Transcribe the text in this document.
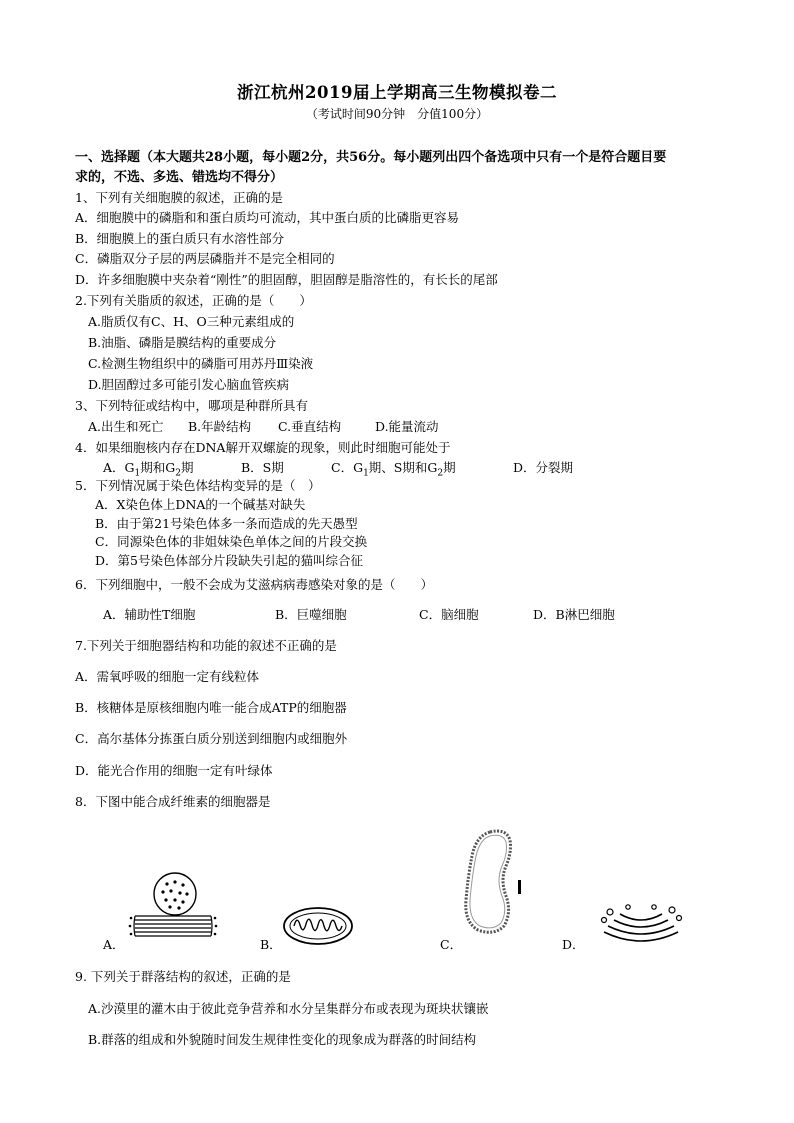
浙江杭州2019届上学期高三生物模拟卷二
（考试时间90分钟　分值100分）
一、选择题（本大题共28小题，每小题2分，共56分。每小题列出四个备选项中只有一个是符合题目要
求的，不选、多选、错选均不得分）
1、下列有关细胞膜的叙述，正确的是
A．细胞膜中的磷脂和和蛋白质均可流动，其中蛋白质的比磷脂更容易
B．细胞膜上的蛋白质只有水溶性部分
C．磷脂双分子层的两层磷脂并不是完全相同的
D．许多细胞膜中夹杂着“刚性”的胆固醇，胆固醇是脂溶性的，有长长的尾部
2.下列有关脂质的叙述，正确的是（　　）
A.脂质仅有C、H、O三种元素组成的
B.油脂、磷脂是膜结构的重要成分
C.检测生物组织中的磷脂可用苏丹Ⅲ染液
D.胆固醇过多可能引发心脑血管疾病
3、下列特征或结构中，哪项是种群所具有
A.出生和死亡 B.年龄结构 C.垂直结构	D.能量流动
4．如果细胞核内存在DNA解开双螺旋的现象，则此时细胞可能处于
A．$G_1$期和$G_2$期	B．S期	C．$G_1$期、S期和$G_2$期	D．分裂期
5．下列情况属于染色体结构变异的是（　）
A．X染色体上DNA的一个碱基对缺失
B．由于第21号染色体多一条而造成的先天愚型
C．同源染色体的非姐妹染色单体之间的片段交换
D．第5号染色体部分片段缺失引起的猫叫综合征
6．下列细胞中，一般不会成为艾滋病病毒感染对象的是（　　）
A．辅助性T细胞	B．巨噬细胞	C．脑细胞	D．B淋巴细胞
7.下列关于细胞器结构和功能的叙述不正确的是
A．需氧呼吸的细胞一定有线粒体
B．核糖体是原核细胞内唯一能合成ATP的细胞器
C．高尔基体分拣蛋白质分别送到细胞内或细胞外
D．能光合作用的细胞一定有叶绿体
8．下图中能合成纤维素的细胞器是
A．	B．	C．	D．
9. 下列关于群落结构的叙述，正确的是
A.沙漠里的灌木由于彼此竞争营养和水分呈集群分布或表现为斑块状镶嵌
B.群落的组成和外貌随时间发生规律性变化的现象成为群落的时间结构
